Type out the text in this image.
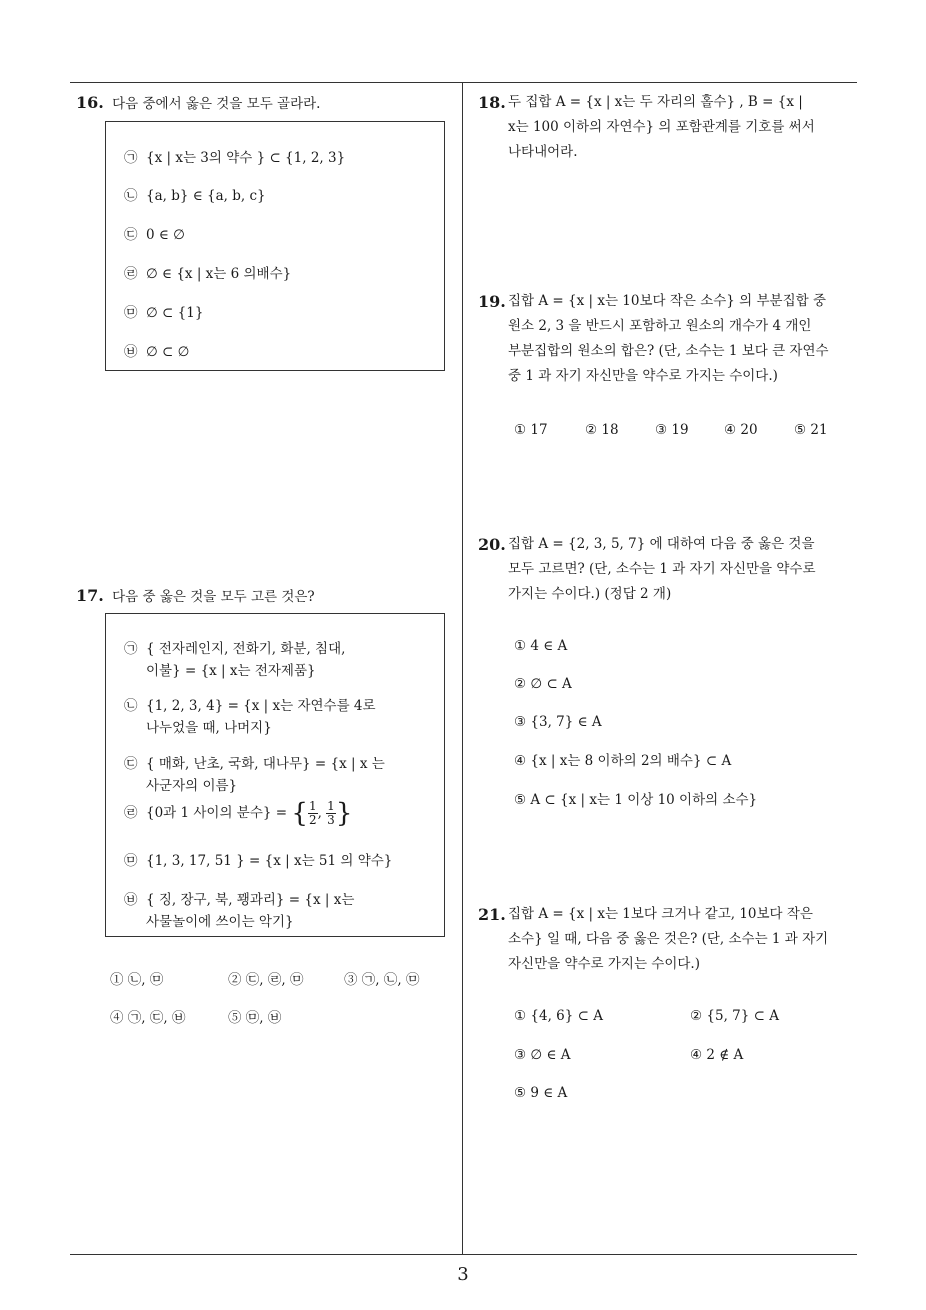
16. 다음 중에서 옳은 것을 모두 골라라.
㉠ {x | x는 3의 약수 } ⊂ {1, 2, 3}
㉡ {a, b} ∈ {a, b, c}
㉢ 0 ∈ ∅
㉣ ∅ ∈ {x | x는 6 의배수}
㉤ ∅ ⊂ {1}
㉥ ∅ ⊂ ∅
17. 다음 중 옳은 것을 모두 고른 것은?
㉠ { 전자레인지, 전화기, 화분, 침대,
이불} = {x | x는 전자제품}
㉡ {1, 2, 3, 4} = {x | x는 자연수를 4로
나누었을 때, 나머지}
㉢ { 매화, 난초, 국화, 대나무} = {x | x 는
사군자의 이름}
㉣ {0과 1 사이의 분수} = { $\frac{1}{2}$ , $\frac{1}{3}$ }
㉤ {1, 3, 17, 51 } = {x | x는 51 의 약수}
㉥ { 징, 장구, 북, 꽹과리} = {x | x는
사물놀이에 쓰이는 악기}
① ㉡, ㉤	② ㉢, ㉣, ㉤	③ ㉠, ㉡, ㉤
④ ㉠, ㉢, ㉥	⑤ ㉤, ㉥
18. 두 집합 A = {x | x는 두 자리의 홀수} , B = {x |
x는 100 이하의 자연수} 의 포함관계를 기호를 써서
나타내어라.
19. 집합 A = {x | x는 10보다 작은 소수} 의 부분집합 중
원소 2, 3 을 반드시 포함하고 원소의 개수가 4 개인
부분집합의 원소의 합은? (단, 소수는 1 보다 큰 자연수
중 1 과 자기 자신만을 약수로 가지는 수이다.)
① 17	② 18	③ 19	④ 20	⑤ 21
20. 집합 A = {2, 3, 5, 7} 에 대하여 다음 중 옳은 것을
모두 고르면? (단, 소수는 1 과 자기 자신만을 약수로
가지는 수이다.) (정답 2 개)
① 4 ∈ A
② ∅ ⊂ A
③ {3, 7} ∈ A
④ {x | x는 8 이하의 2의 배수} ⊂ A
⑤ A ⊂ {x | x는 1 이상 10 이하의 소수}
21. 집합 A = {x | x는 1보다 크거나 같고, 10보다 작은
소수} 일 때, 다음 중 옳은 것은? (단, 소수는 1 과 자기
자신만을 약수로 가지는 수이다.)
① {4, 6} ⊂ A	② {5, 7} ⊂ A
③ ∅ ∈ A	④ 2 ∉ A
⑤ 9 ∈ A
3
